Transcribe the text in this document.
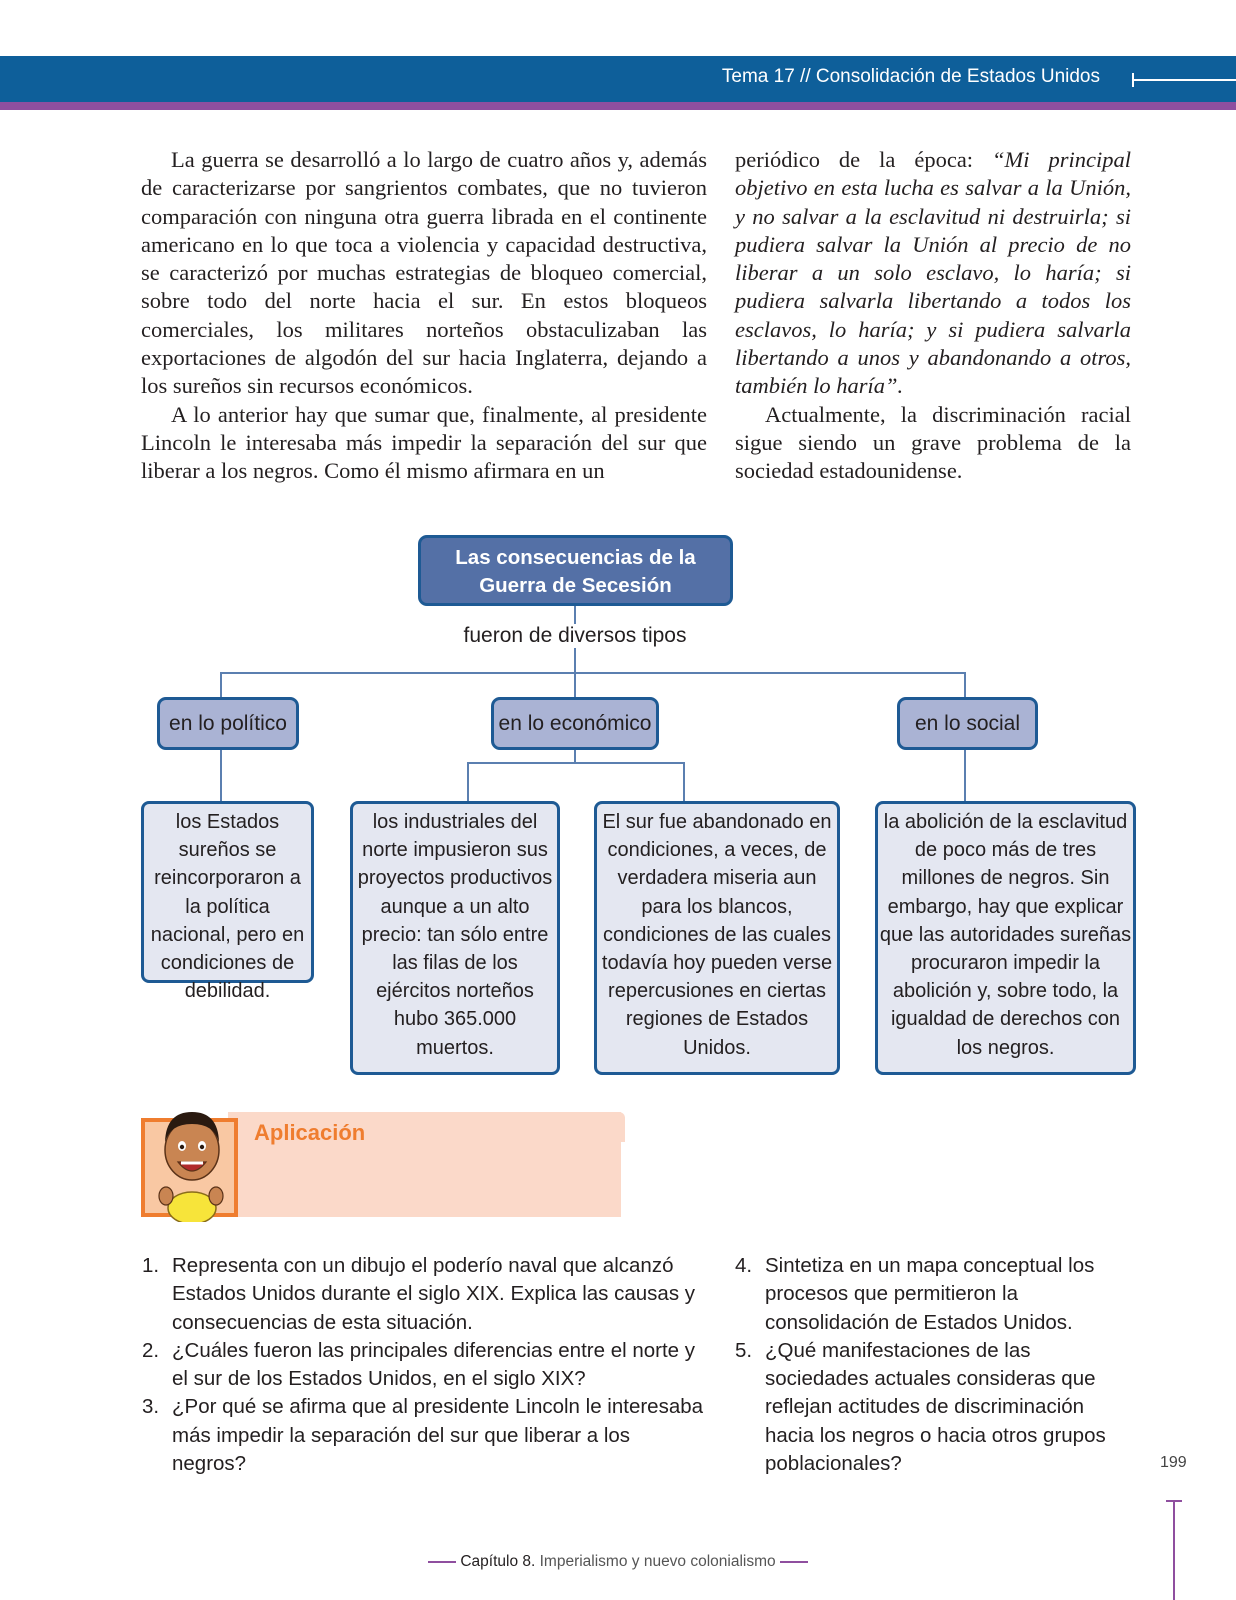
Tema 17 // Consolidación de Estados Unidos

La guerra se desarrolló a lo largo de cuatro años y, además de caracterizarse por sangrientos combates, que no tuvieron comparación con ninguna otra guerra librada en el continente americano en lo que toca a violencia y capacidad destructiva, se caracterizó por muchas estrategias de bloqueo comercial, sobre todo del norte hacia el sur. En estos bloqueos comerciales, los militares norteños obstaculizaban las exportaciones de algodón del sur hacia Inglaterra, dejando a los sureños sin recursos económicos.

A lo anterior hay que sumar que, finalmente, al presidente Lincoln le interesaba más impedir la separación del sur que liberar a los negros. Como él mismo afirmara en un

periódico de la época: “Mi principal objetivo en esta lucha es salvar a la Unión, y no salvar a la esclavitud ni destruirla; si pudiera salvar la Unión al precio de no liberar a un solo esclavo, lo haría; si pudiera salvarla libertando a todos los esclavos, lo haría; y si pudiera salvarla libertando a unos y abandonando a otros, también lo haría”.

Actualmente, la discriminación racial sigue siendo un grave problema de la sociedad estadounidense.

Las consecuencias de la Guerra de Secesión
fueron de diversos tipos
en lo político	en lo económico	en lo social
los Estados sureños se reincorporaron a la política nacional, pero en condiciones de debilidad.
los industriales del norte impusieron sus proyectos productivos aunque a un alto precio: tan sólo entre las filas de los ejércitos norteños hubo 365.000 muertos.
El sur fue abandonado en condiciones, a veces, de verdadera miseria aun para los blancos, condiciones de las cuales todavía hoy pueden verse repercusiones en ciertas regiones de Estados Unidos.
la abolición de la esclavitud de poco más de tres millones de negros. Sin embargo, hay que explicar que las autoridades sureñas procuraron impedir la abolición y, sobre todo, la igualdad de derechos con los negros.
Aplicación
1. Representa con un dibujo el poderío naval que alcanzó Estados Unidos durante el siglo XIX. Explica las causas y consecuencias de esta situación.
2. ¿Cuáles fueron las principales diferencias entre el norte y el sur de los Estados Unidos, en el siglo XIX?
3. ¿Por qué se afirma que al presidente Lincoln le interesaba más impedir la separación del sur que liberar a los negros?
4. Sintetiza en un mapa conceptual los procesos que permitieron la consolidación de Estados Unidos.
5. ¿Qué manifestaciones de las sociedades actuales consideras que reflejan actitudes de discriminación hacia los negros o hacia otros grupos poblacionales?	199
Capítulo 8. Imperialismo y nuevo colonialismo
